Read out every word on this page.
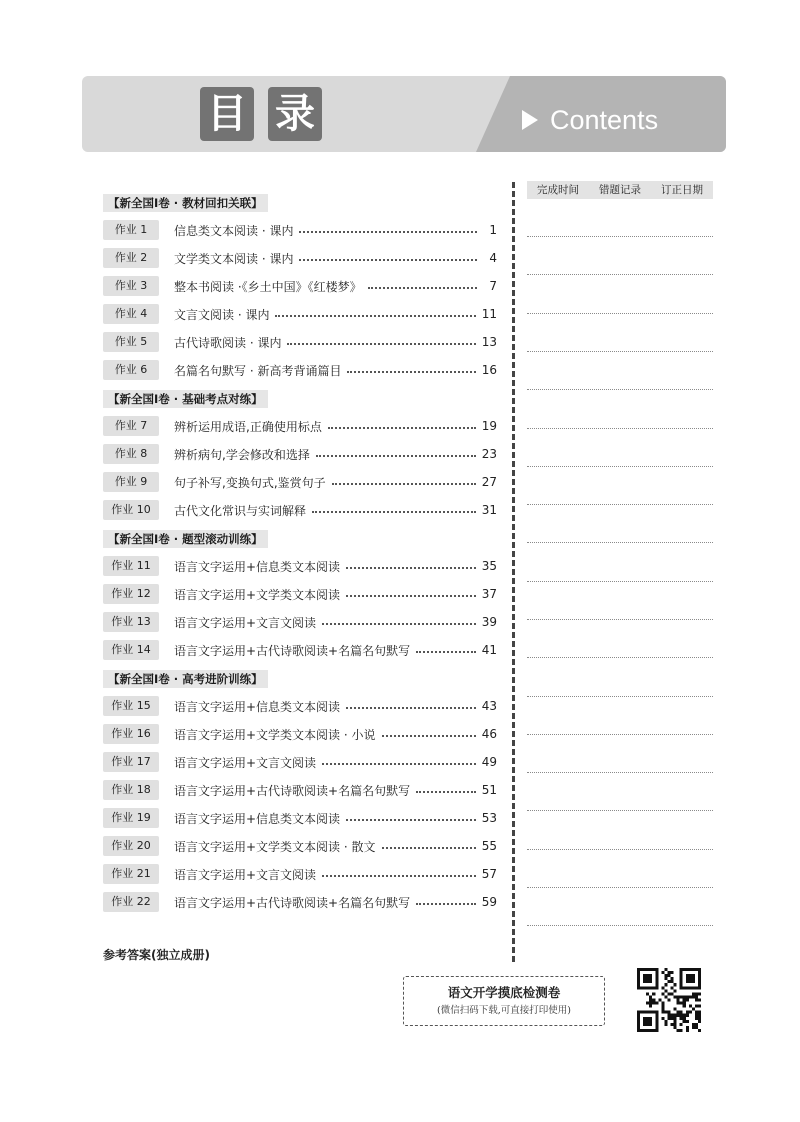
目 录	Contents
【新全国Ⅰ卷 · 教材回扣关联】
作业 1	信息类文本阅读 · 课内	1
作业 2	文学类文本阅读 · 课内	4
作业 3	整本书阅读 ·《乡土中国》《红楼梦》	7
作业 4	文言文阅读 · 课内	11
作业 5	古代诗歌阅读 · 课内	13
作业 6	名篇名句默写 · 新高考背诵篇目	16
【新全国Ⅰ卷 · 基础考点对练】
作业 7	辨析运用成语,正确使用标点	19
作业 8	辨析病句,学会修改和选择	23
作业 9	句子补写,变换句式,鉴赏句子	27
作业 10	古代文化常识与实词解释	31
【新全国Ⅰ卷 · 题型滚动训练】
作业 11	语言文字运用+信息类文本阅读	35
作业 12	语言文字运用+文学类文本阅读	37
作业 13	语言文字运用+文言文阅读	39
作业 14	语言文字运用+古代诗歌阅读+名篇名句默写	41
【新全国Ⅰ卷 · 高考进阶训练】
作业 15	语言文字运用+信息类文本阅读	43
作业 16	语言文字运用+文学类文本阅读 · 小说	46
作业 17	语言文字运用+文言文阅读	49
作业 18	语言文字运用+古代诗歌阅读+名篇名句默写	51
作业 19	语言文字运用+信息类文本阅读	53
作业 20	语言文字运用+文学类文本阅读 · 散文	55
作业 21	语言文字运用+文言文阅读	57
作业 22	语言文字运用+古代诗歌阅读+名篇名句默写	59
参考答案(独立成册)
完成时间	错题记录	订正日期
语文开学摸底检测卷
(微信扫码下载,可直接打印使用)
